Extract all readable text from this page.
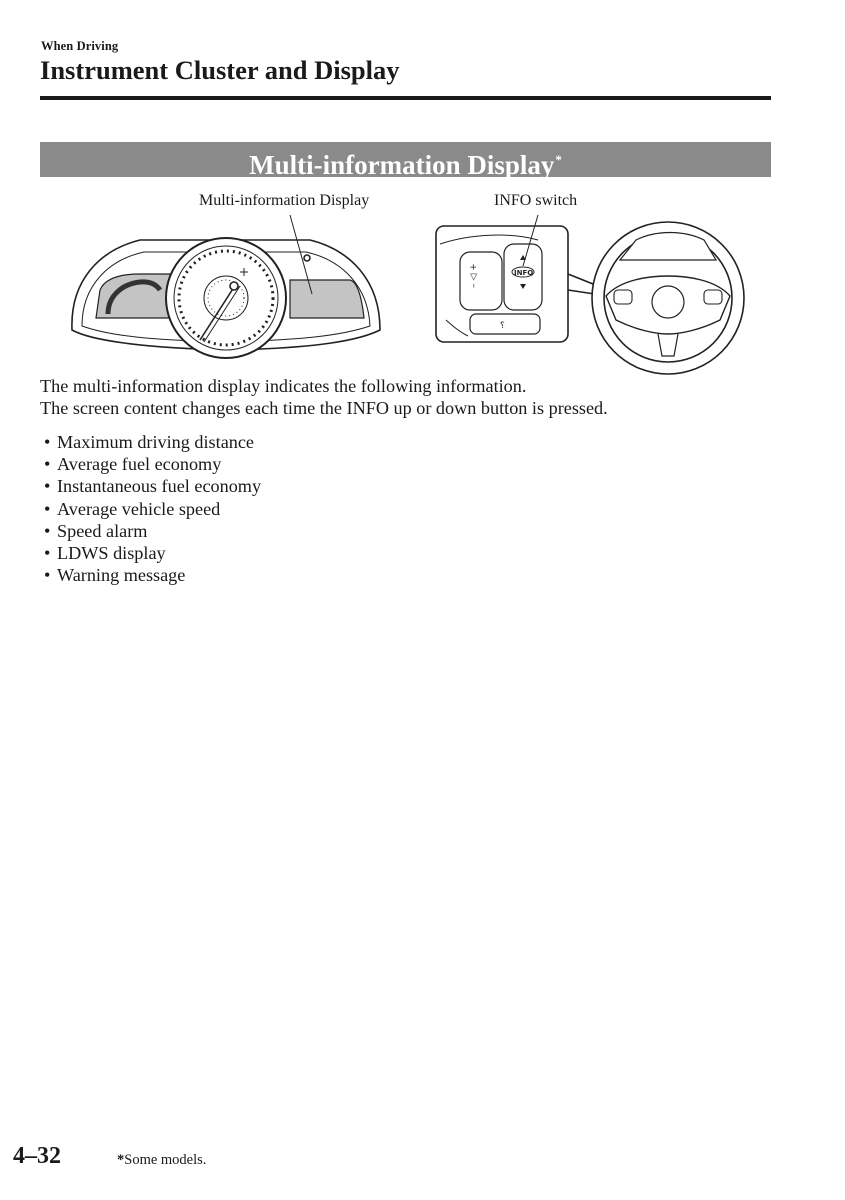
When Driving
Instrument Cluster and Display
Multi-information Display*
Multi-information Display	INFO switch
– ◁ +	INFO
⸮
The multi-information display indicates the following information.
The screen content changes each time the INFO up or down button is pressed.
• Maximum driving distance
• Average fuel economy
• Instantaneous fuel economy
• Average vehicle speed
• Speed alarm
• LDWS display
• Warning message
4–32	*Some models.
